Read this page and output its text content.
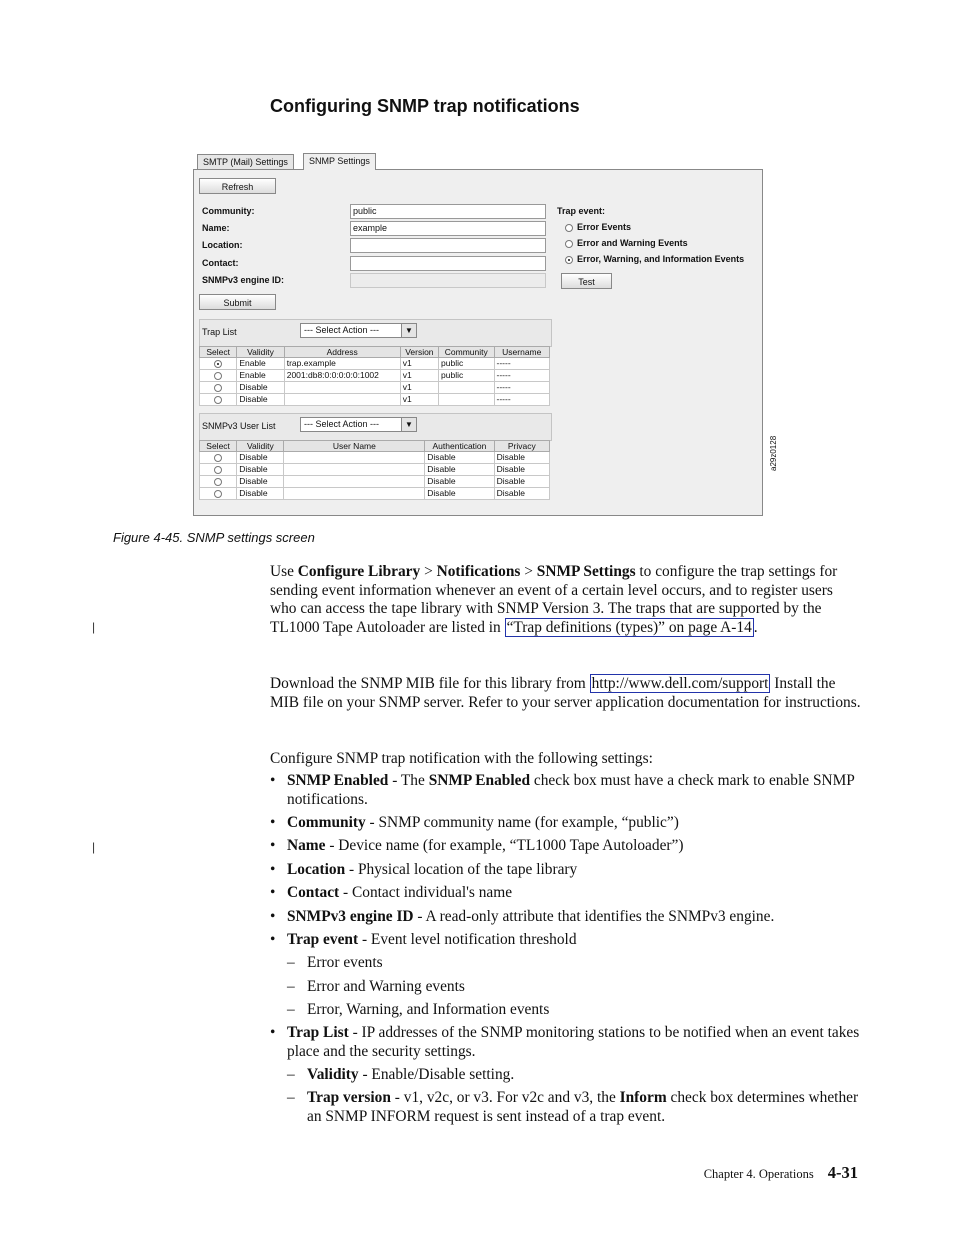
Configuring SNMP trap notifications
SMTP (Mail) Settings	SNMP Settings
Refresh
Community:	public
Name:	example
Location:
Contact:
SNMPv3 engine ID:
Submit
Trap event:
Error Events
Error and Warning Events
Error, Warning, and Information Events
Test
Trap List	--- Select Action ---	▼
Select	Validity	Address	Version	Community	Username
	Enable	trap.example	v1	public	-----
	Enable	2001:db8:0:0:0:0:0:1002	v1	public	-----
	Disable		v1		-----
	Disable		v1		-----
SNMPv3 User List	--- Select Action ---	▼
Select	Validity	User Name	Authentication	Privacy
	Disable		Disable	Disable
	Disable		Disable	Disable
	Disable		Disable	Disable
	Disable		Disable	Disable
a29z0128
Figure 4-45. SNMP settings screen
|

Use Configure Library > Notifications > SNMP Settings to configure the trap settings for sending event information whenever an event of a certain level occurs, and to register users who can access the tape library with SNMP Version 3. The traps that are supported by the TL1000 Tape Autoloader are listed in “Trap definitions (types)” on page A-14 .

Download the SNMP MIB file for this library from http://www.dell.com/support Install the MIB file on your SNMP server. Refer to your server application documentation for instructions.

Configure SNMP trap notification with the following settings:

|
• SNMP Enabled - The SNMP Enabled check box must have a check mark to enable SNMP notifications.
• Community - SNMP community name (for example, “public”)
• Name - Device name (for example, “TL1000 Tape Autoloader”)
• Location - Physical location of the tape library
• Contact - Contact individual's name
• SNMPv3 engine ID - A read-only attribute that identifies the SNMPv3 engine.
• Trap event - Event level notification threshold
– Error events
– Error and Warning events
– Error, Warning, and Information events
• Trap List - IP addresses of the SNMP monitoring stations to be notified when an event takes place and the security settings.
– Validity - Enable/Disable setting.
– Trap version - v1, v2c, or v3. For v2c and v3, the Inform check box determines whether an SNMP INFORM request is sent instead of a trap event.
Chapter 4. Operations 4-31
